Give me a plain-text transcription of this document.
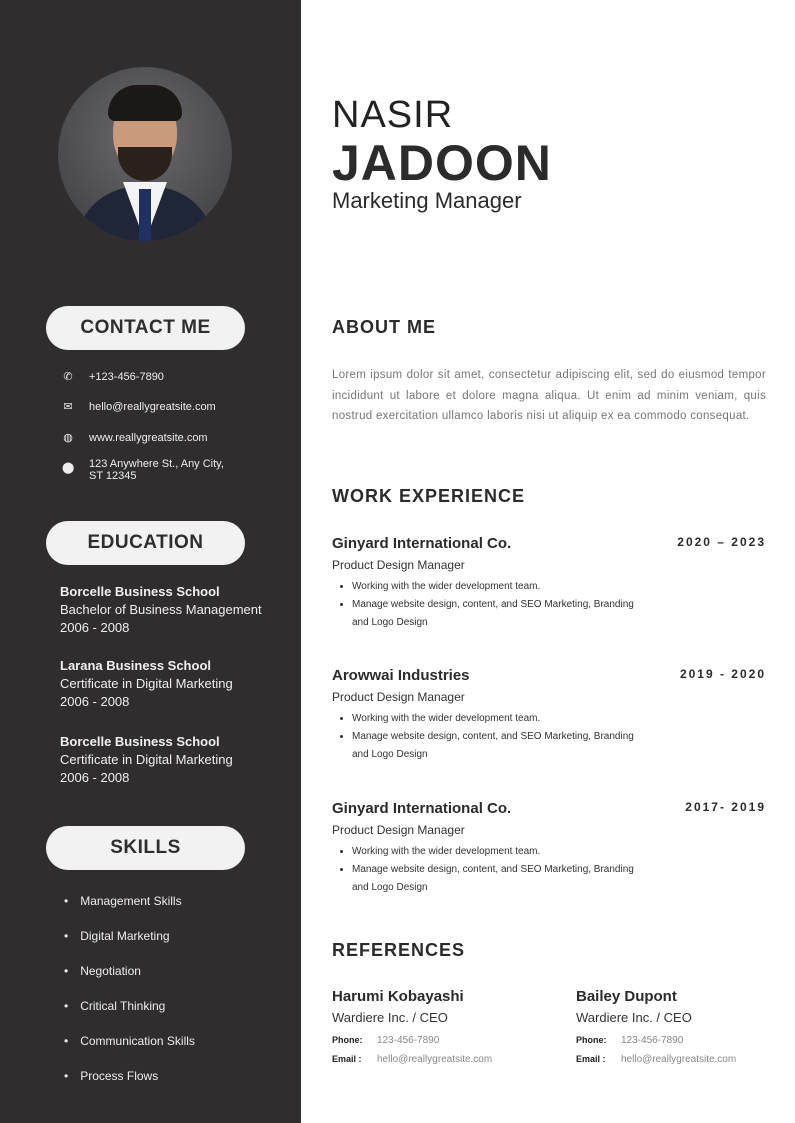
CONTACT ME
✆ +123-456-7890
✉ hello@reallygreatsite.com
◍ www.reallygreatsite.com
⬤ 123 Anywhere St., Any City,
ST 12345
EDUCATION
Borcelle Business School
Bachelor of Business Management
2006 - 2008
Larana Business School
Certificate in Digital Marketing
2006 - 2008
Borcelle Business School
Certificate in Digital Marketing
2006 - 2008
SKILLS
• Management Skills
• Digital Marketing
• Negotiation
• Critical Thinking
• Communication Skills
• Process Flows
NASIR
JADOON
Marketing Manager
ABOUT ME
Lorem ipsum dolor sit amet, consectetur adipiscing elit, sed do eiusmod tempor incididunt ut labore et dolore magna aliqua. Ut enim ad minim veniam, quis nostrud exercitation ullamco laboris nisi ut aliquip ex ea commodo consequat.
WORK EXPERIENCE
Ginyard International Co.	2020 – 2023
Product Design Manager
• Working with the wider development team.
• Manage website design, content, and SEO Marketing, Branding and Logo Design
Arowwai Industries	2019 - 2020
Product Design Manager
• Working with the wider development team.
• Manage website design, content, and SEO Marketing, Branding and Logo Design
Ginyard International Co.	2017- 2019
Product Design Manager
• Working with the wider development team.
• Manage website design, content, and SEO Marketing, Branding and Logo Design
REFERENCES
Harumi Kobayashi
Wardiere Inc. / CEO
Phone:	123-456-7890
Email :	hello@reallygreatsite.com
Bailey Dupont
Wardiere Inc. / CEO
Phone:	123-456-7890
Email :	hello@reallygreatsite.com
